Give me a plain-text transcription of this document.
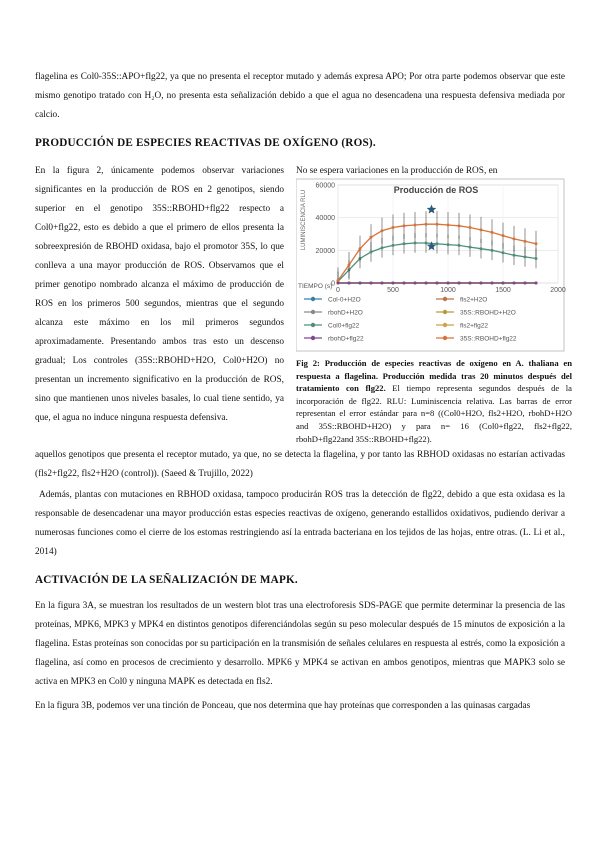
flagelina es Col0-35S::APO+flg22, ya que no presenta el receptor mutado y además expresa APO; Por otra parte podemos observar que este mismo genotipo tratado con H₂O, no presenta esta señalización debido a que el agua no desencadena una respuesta defensiva mediada por calcio.
PRODUCCIÓN DE ESPECIES REACTIVAS DE OXÍGENO (ROS).
En la figura 2, únicamente podemos observar variaciones significantes en la producción de ROS en 2 genotipos, siendo superior en el genotipo 35S::RBOHD+flg22 respecto a Col0+flg22, esto es debido a que el primero de ellos presenta la sobreexpresión de RBOHD oxidasa, bajo el promotor 35S, lo que conlleva a una mayor producción de ROS. Observamos que el primer genotipo nombrado alcanza el máximo de producción de ROS en los primeros 500 segundos, mientras que el segundo alcanza este máximo en los mil primeros segundos aproximadamente. Presentando ambos tras esto un descenso gradual; Los controles (35S::RBOHD+H2O, Col0+H2O) no presentan un incremento significativo en la producción de ROS, sino que mantienen unos niveles basales, lo cual tiene sentido, ya que, el agua no induce ninguna respuesta defensiva.
No se espera variaciones en la producción de ROS, en
0
20000
40000
60000
0	500	1000	1500	2000
Col-0+H2O	fls2+H2O
rbohD+H2O	35S::RBOHD+H2O
Col0+flg22	fls2+flg22
rbohD+flg22	35S::RBOHD+flg22
Producción de ROS
LUMINISCENCIA RLU
TIEMPO (s)
Fig 2: Producción de especies reactivas de oxígeno en A. thaliana en respuesta a flagelina. Producción medida tras 20 minutos después del tratamiento con flg22. El tiempo representa segundos después de la incorporación de flg22. RLU: Luminiscencia relativa. Las barras de error representan el error estándar para n=8 ((Col0+H2O, fls2+H2O, rbohD+H2O and 35S::RBOHD+H2O) y para n= 16 (Col0+flg22, fls2+flg22, rbohD+flg22and 35S::RBOHD+flg22).
aquellos genotipos que presenta el receptor mutado, ya que, no se detecta la flagelina, y por tanto las RBHOD oxidasas no estarían activadas (fls2+flg22, fls2+H2O (control)). (Saeed & Trujillo, 2022)
Además, plantas con mutaciones en RBHOD oxidasa, tampoco producirán ROS tras la detección de flg22, debido a que esta oxidasa es la responsable de desencadenar una mayor producción estas especies reactivas de oxígeno, generando estallidos oxidativos, pudiendo derivar a numerosas funciones como el cierre de los estomas restringiendo así la entrada bacteriana en los tejidos de las hojas, entre otras. (L. Li et al., 2014)
ACTIVACIÓN DE LA SEÑALIZACIÓN DE MAPK.
En la figura 3A, se muestran los resultados de un western blot tras una electroforesis SDS-PAGE que permite determinar la presencia de las proteínas, MPK6, MPK3 y MPK4 en distintos genotipos diferenciándolas según su peso molecular después de 15 minutos de exposición a la flagelina. Estas proteínas son conocidas por su participación en la transmisión de señales celulares en respuesta al estrés, como la exposición a flagelina, así como en procesos de crecimiento y desarrollo. MPK6 y MPK4 se activan en ambos genotipos, mientras que MAPK3 solo se activa en MPK3 en Col0 y ninguna MAPK es detectada en fls2.
En la figura 3B, podemos ver una tinción de Ponceau, que nos determina que hay proteínas que corresponden a las quinasas cargadas
